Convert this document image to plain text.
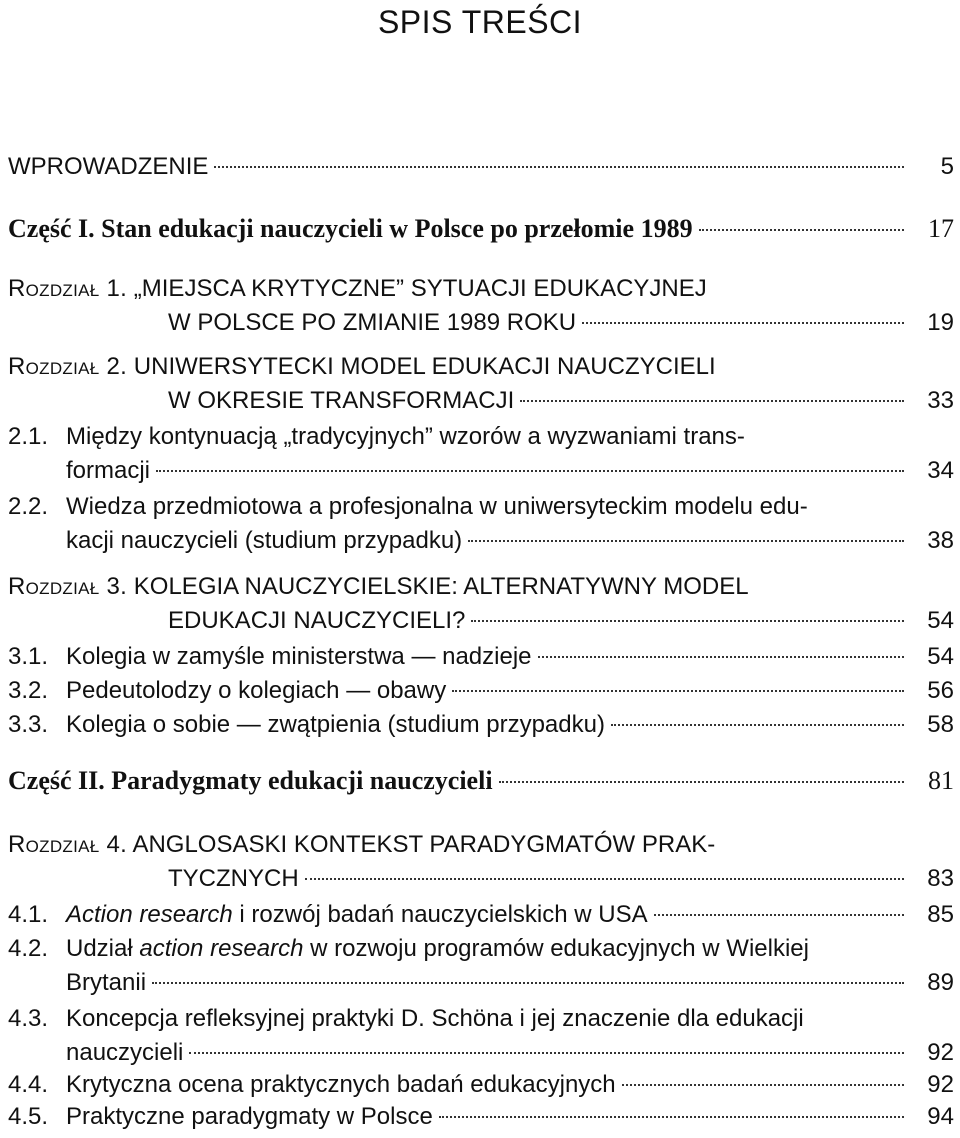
SPIS TREŚCI
WPROWADZENIE	5
Część I. Stan edukacji nauczycieli w Polsce po przełomie 1989	17
Rozdział 1. „MIEJSCA KRYTYCZNE” SYTUACJI EDUKACYJNEJ
W POLSCE PO ZMIANIE 1989 ROKU	19
Rozdział 2. UNIWERSYTECKI MODEL EDUKACJI NAUCZYCIELI
W OKRESIE TRANSFORMACJI	33
2.1. Między kontynuacją „tradycyjnych” wzorów a wyzwaniami trans-
formacji	34
2.2. Wiedza przedmiotowa a profesjonalna w uniwersyteckim modelu edu-
kacji nauczycieli (studium przypadku)	38
Rozdział 3. KOLEGIA NAUCZYCIELSKIE: ALTERNATYWNY MODEL
EDUKACJI NAUCZYCIELI?	54
3.1. Kolegia w zamyśle ministerstwa — nadzieje	54
3.2. Pedeutolodzy o kolegiach — obawy	56
3.3. Kolegia o sobie — zwątpienia (studium przypadku)	58
Część II. Paradygmaty edukacji nauczycieli	81
Rozdział 4. ANGLOSASKI KONTEKST PARADYGMATÓW PRAK-
TYCZNYCH	83
4.1. Action research i rozwój badań nauczycielskich w USA	85
4.2. Udział action research w rozwoju programów edukacyjnych w Wielkiej
Brytanii	89
4.3. Koncepcja refleksyjnej praktyki D. Schöna i jej znaczenie dla edukacji
nauczycieli	92
4.4. Krytyczna ocena praktycznych badań edukacyjnych	92
4.5. Praktyczne paradygmaty w Polsce	94
